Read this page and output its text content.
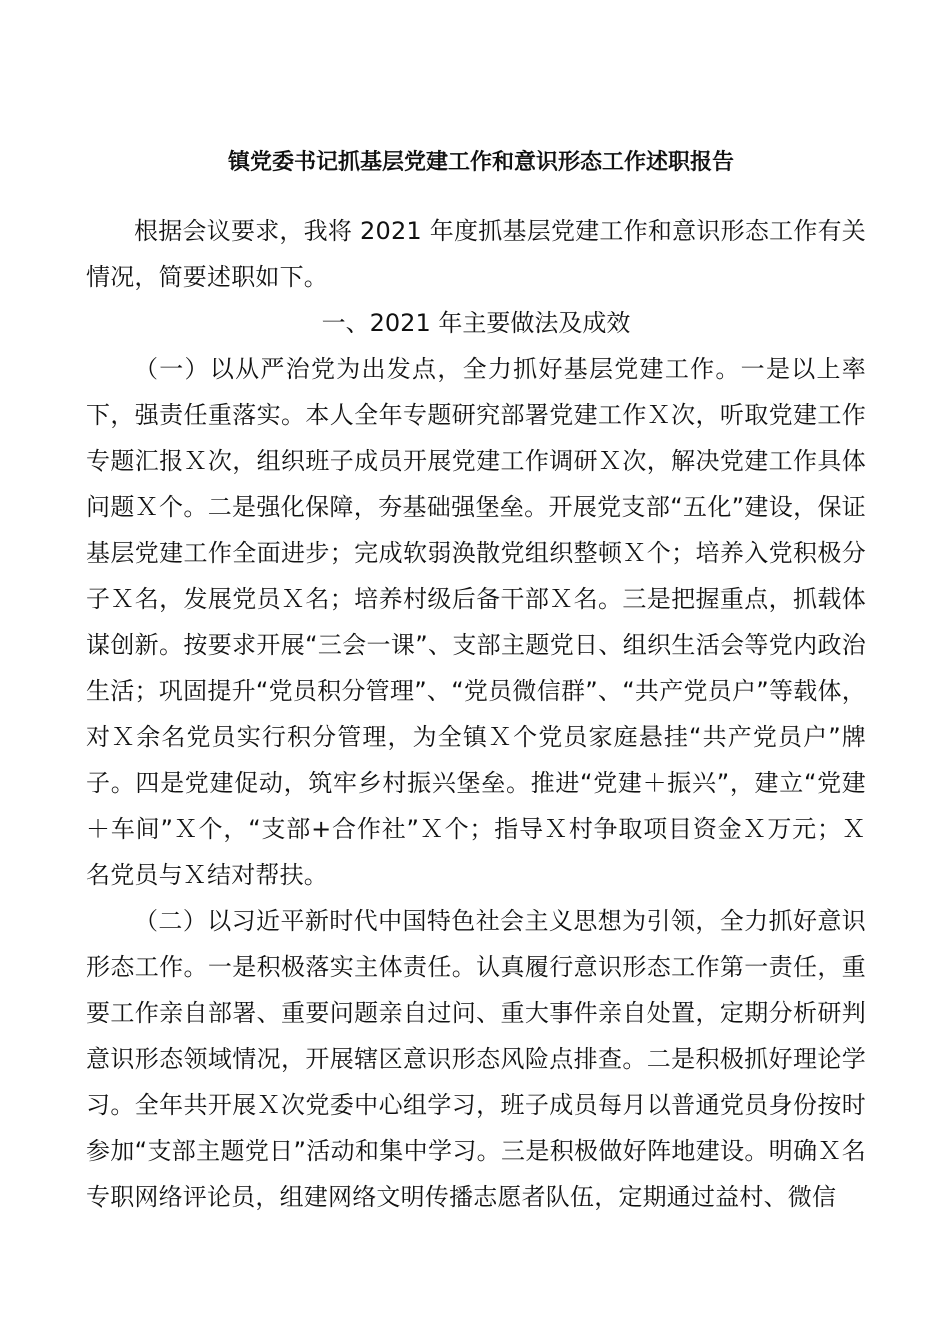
镇党委书记抓基层党建工作和意识形态工作述职报告

根据会议要求，我将 2021 年度抓基层党建工作和意识形态工作有关情况，简要述职如下。

一、2021 年主要做法及成效

（一）以从严治党为出发点，全力抓好基层党建工作。一是以上率下，强责任重落实。本人全年专题研究部署党建工作Ｘ次，听取党建工作专题汇报Ｘ次，组织班子成员开展党建工作调研Ｘ次，解决党建工作具体问题Ｘ个。二是强化保障，夯基础强堡垒。开展党支部“五化”建设，保证基层党建工作全面进步；完成软弱涣散党组织整顿Ｘ个；培养入党积极分子Ｘ名，发展党员Ｘ名；培养村级后备干部Ｘ名。三是把握重点，抓载体谋创新。按要求开展“三会一课”、支部主题党日、组织生活会等党内政治生活；巩固提升“党员积分管理”、“党员微信群”、“共产党员户”等载体，对Ｘ余名党员实行积分管理，为全镇Ｘ个党员家庭悬挂“共产党员户”牌子。四是党建促动，筑牢乡村振兴堡垒。推进“党建＋振兴”，建立“党建＋车间”Ｘ个，“支部+合作社”Ｘ个；指导Ｘ村争取项目资金Ｘ万元；Ｘ名党员与Ｘ结对帮扶。

（二）以习近平新时代中国特色社会主义思想为引领，全力抓好意识形态工作。一是积极落实主体责任。认真履行意识形态工作第一责任，重要工作亲自部署、重要问题亲自过问、重大事件亲自处置，定期分析研判意识形态领域情况，开展辖区意识形态风险点排查。二是积极抓好理论学习。全年共开展Ｘ次党委中心组学习，班子成员每月以普通党员身份按时参加“支部主题党日”活动和集中学习。三是积极做好阵地建设。明确Ｘ名专职网络评论员，组建网络文明传播志愿者队伍，定期通过益村、微信
